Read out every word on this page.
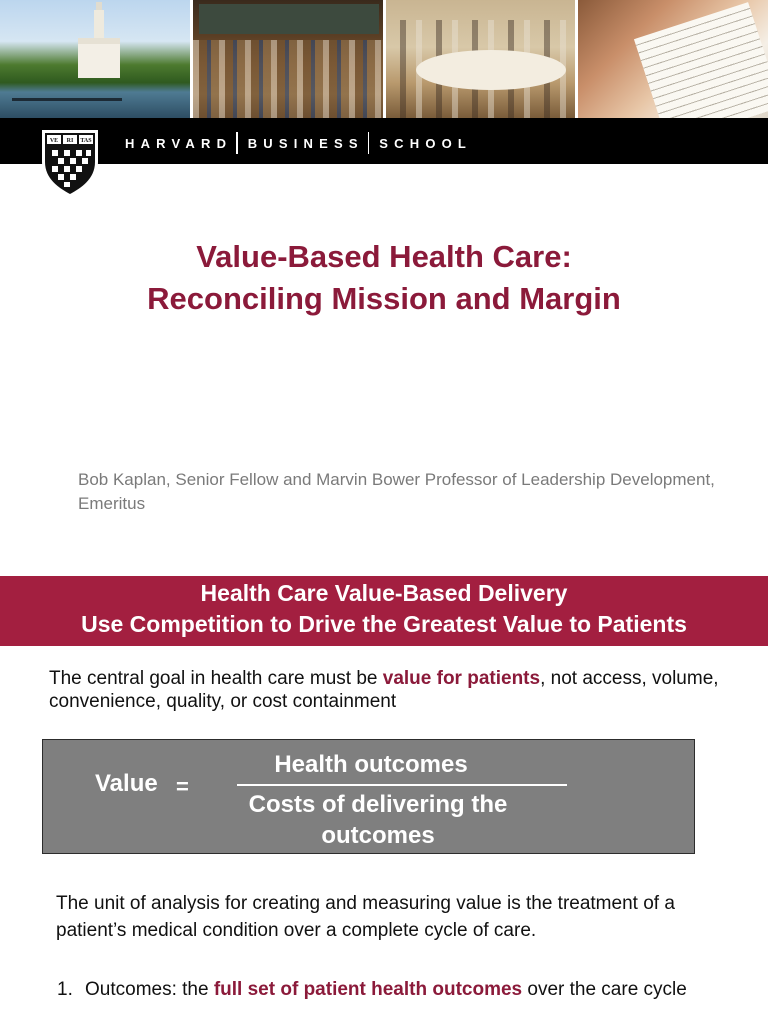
VE RI TAS	HARVARD BUSINESS SCHOOL
Value-Based Health Care:
Reconciling Mission and Margin
Bob Kaplan, Senior Fellow and Marvin Bower Professor of Leadership Development, Emeritus
Health Care Value-Based Delivery
Use Competition to Drive the Greatest Value to Patients

The central goal in health care must be value for patients, not access, volume, convenience, quality, or cost containment

Value =
Health outcomes
Costs of delivering the outcomes

The unit of analysis for creating and measuring value is the treatment of a patient’s medical condition over a complete cycle of care.

1. Outcomes: the full set of patient health outcomes over the care cycle
